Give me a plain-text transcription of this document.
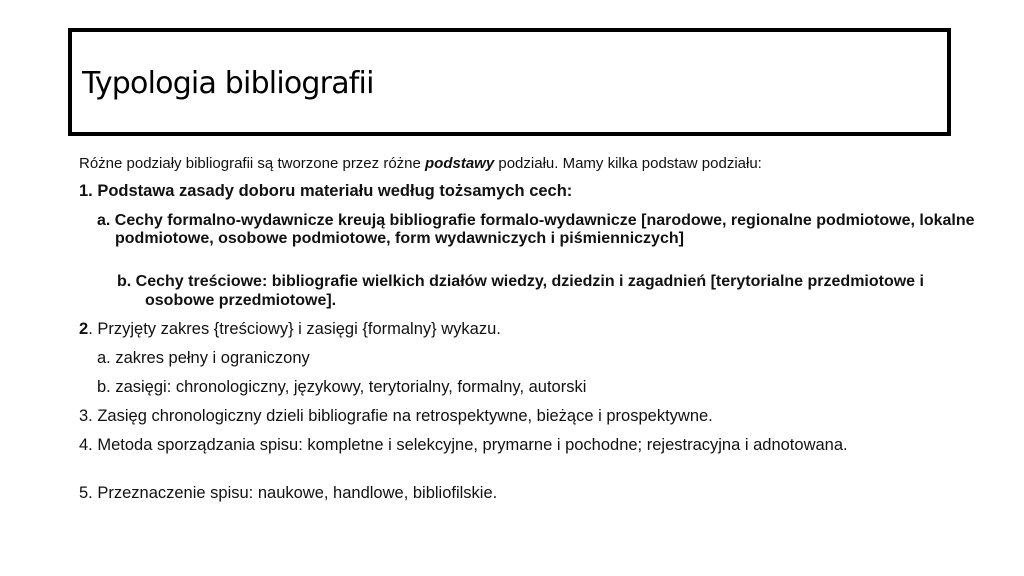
Typologia bibliografii
Różne podziały bibliografii są tworzone przez różne podstawy podziału. Mamy kilka podstaw podziału:
1. Podstawa zasady doboru materiału według tożsamych cech:
a. Cechy formalno-wydawnicze kreują bibliografie formalo-wydawnicze [narodowe, regionalne podmiotowe, lokalne podmiotowe, osobowe podmiotowe, form wydawniczych i piśmienniczych]
b. Cechy treściowe: bibliografie wielkich działów wiedzy, dziedzin i zagadnień [terytorialne przedmiotowe i osobowe przedmiotowe].
2. Przyjęty zakres {treściowy} i zasięgi {formalny} wykazu.
a. zakres pełny i ograniczony
b. zasięgi: chronologiczny, językowy, terytorialny, formalny, autorski
3. Zasięg chronologiczny dzieli bibliografie na retrospektywne, bieżące i prospektywne.
4. Metoda sporządzania spisu: kompletne i selekcyjne, prymarne i pochodne; rejestracyjna i adnotowana.
5. Przeznaczenie spisu: naukowe, handlowe, bibliofilskie.
